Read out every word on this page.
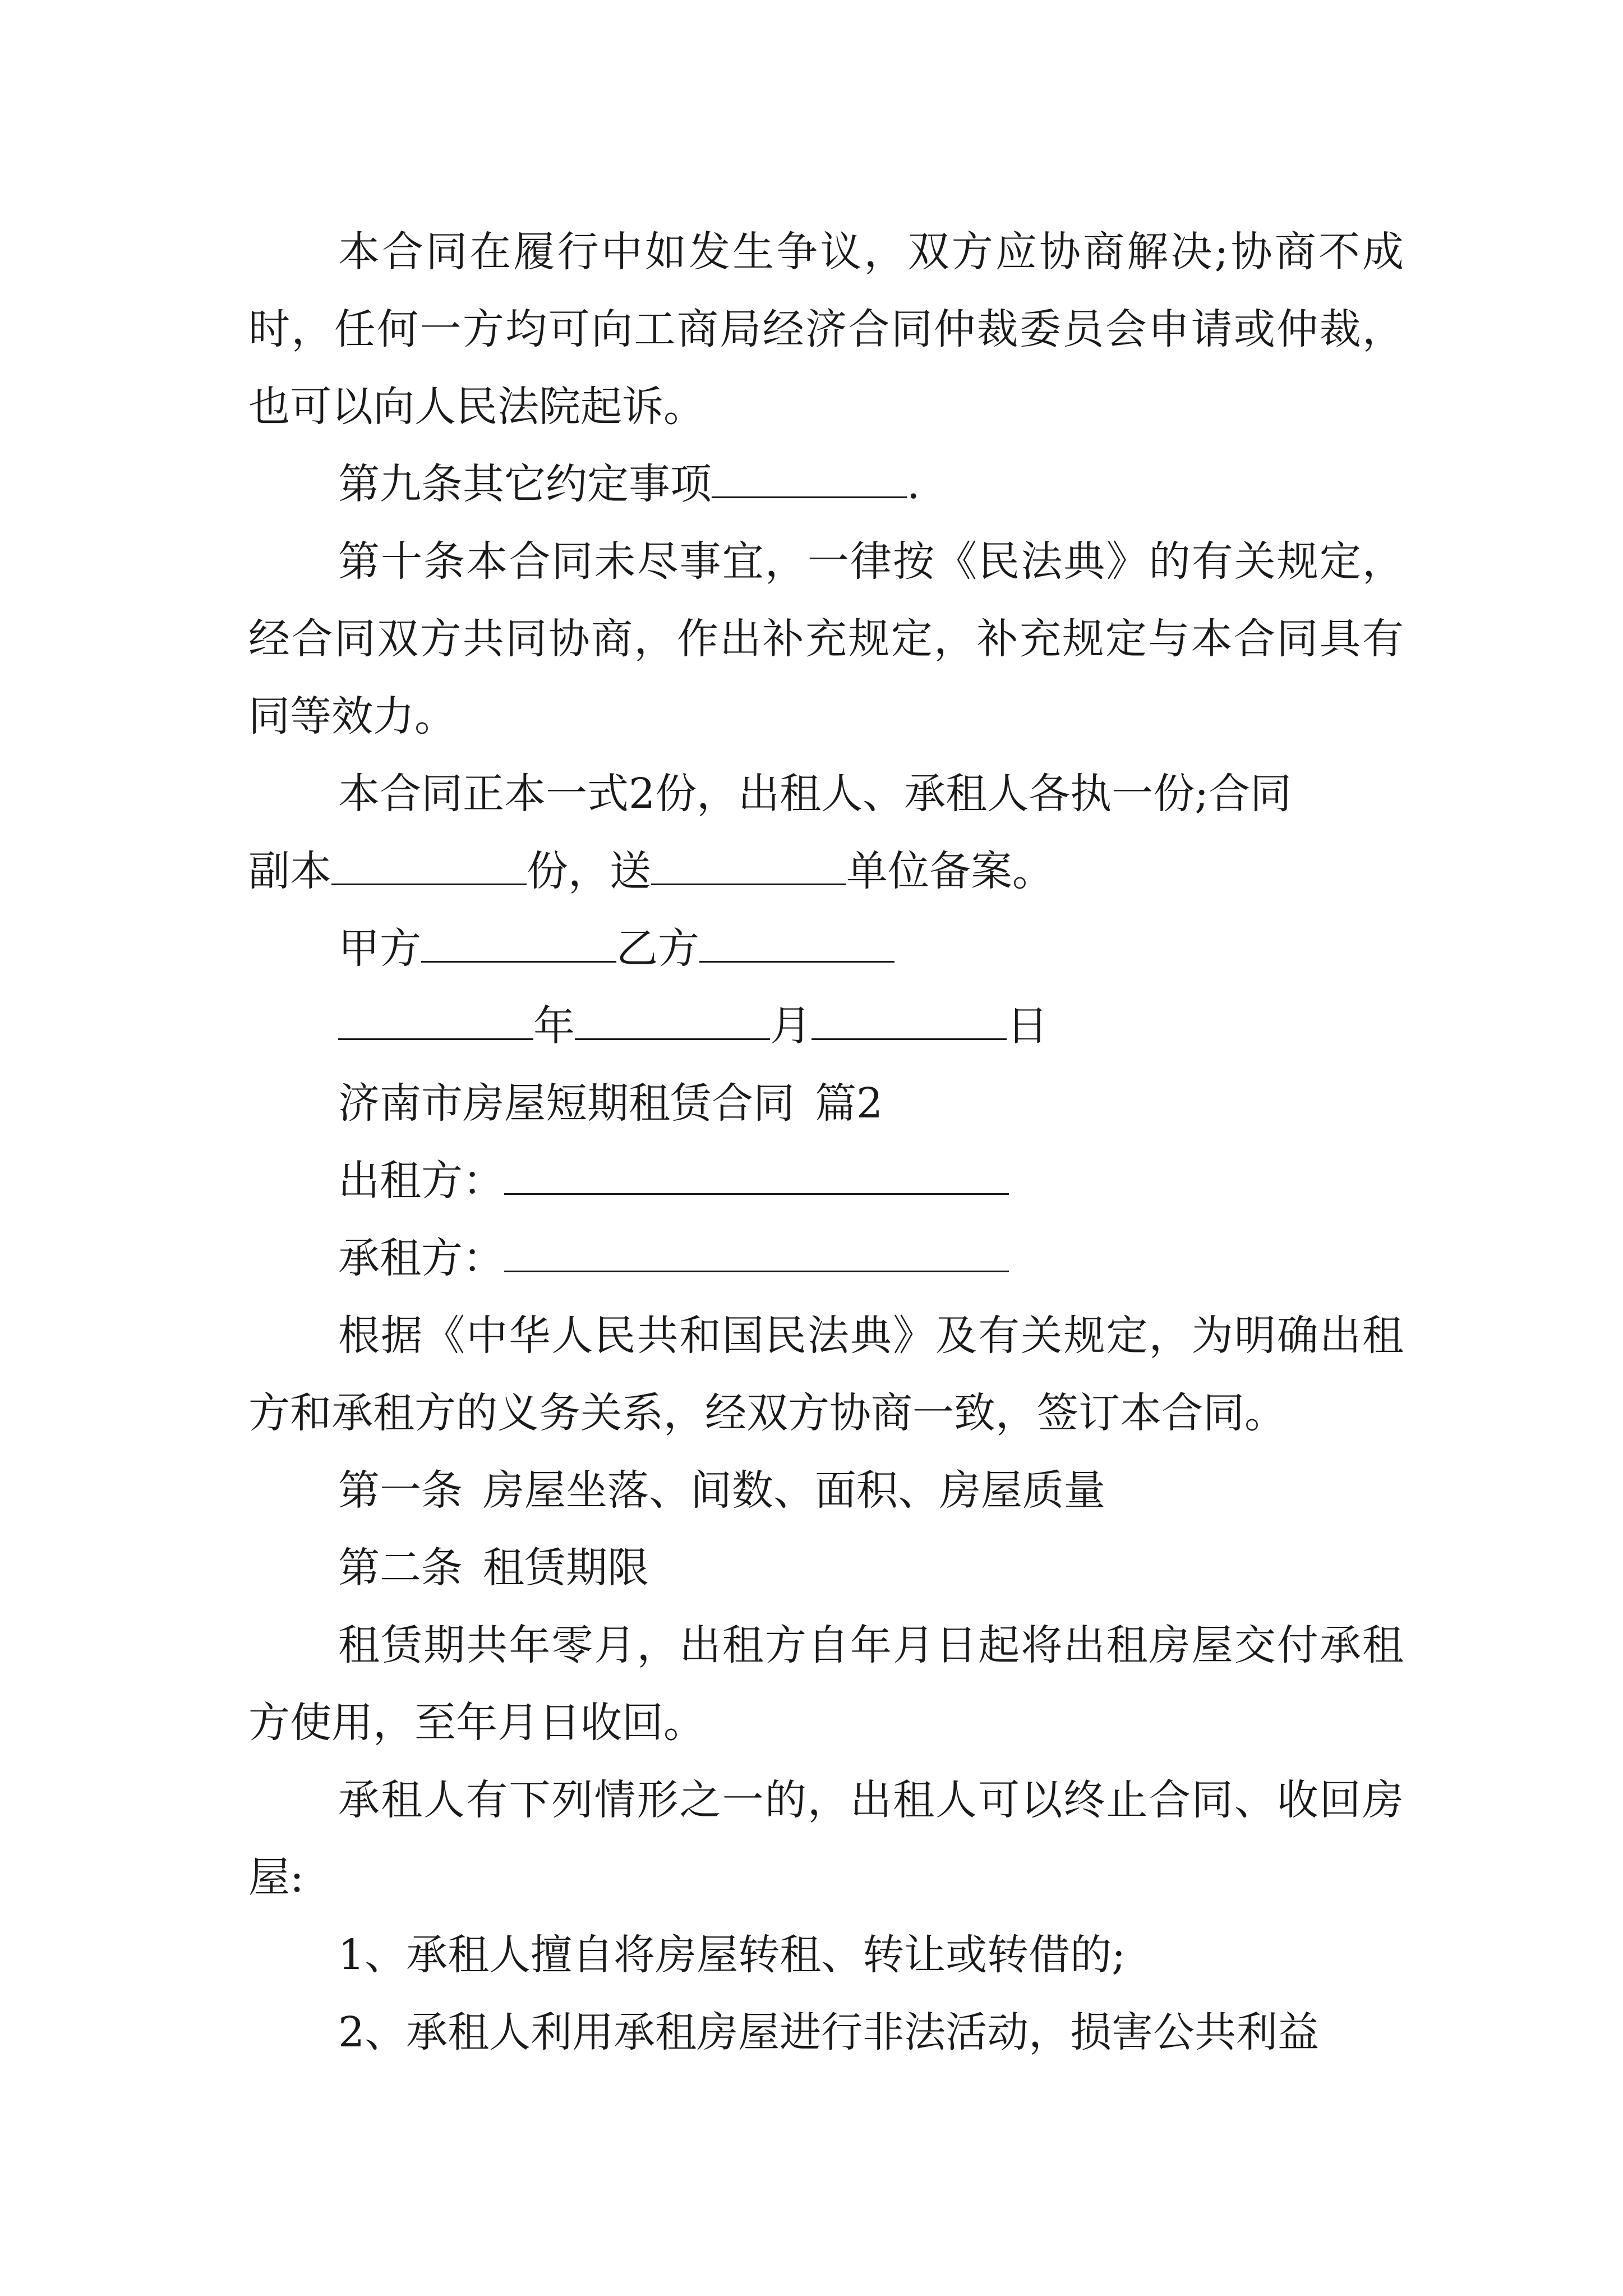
本合同在履行中如发生争议，双方应协商解决;协商不成时，任何一方均可向工商局经济合同仲裁委员会申请或仲裁，也可以向人民法院起诉。

第九条其它约定事项	.

第十条本合同未尽事宜，一律按《民法典》的有关规定，经合同双方共同协商，作出补充规定，补充规定与本合同具有同等效力。

本合同正本一式2份，出租人、承租人各执一份;合同

副本	份，送	单位备案。

甲方	乙方

年	月	日

济南市房屋短期租赁合同 篇2

出租方：

承租方：

根据《中华人民共和国民法典》及有关规定，为明确出租方和承租方的义务关系，经双方协商一致，签订本合同。

第一条 房屋坐落、间数、面积、房屋质量

第二条 租赁期限

租赁期共年零月，出租方自年月日起将出租房屋交付承租方使用，至年月日收回。

承租人有下列情形之一的，出租人可以终止合同、收回房屋:

1、承租人擅自将房屋转租、转让或转借的;

2、承租人利用承租房屋进行非法活动，损害公共利益
